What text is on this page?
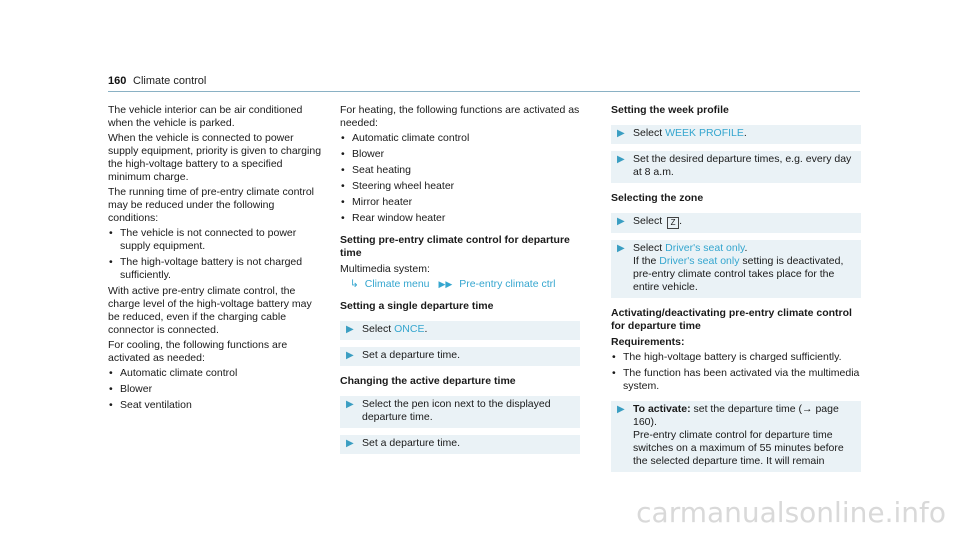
160 Climate control

The vehicle interior can be air conditioned when the vehicle is parked.

When the vehicle is connected to power supply equipment, priority is given to charging the high-voltage battery to a specified minimum charge.

The running time of pre-entry climate control may be reduced under the following conditions:

• The vehicle is not connected to power supply equipment.
• The high-voltage battery is not charged sufficiently.

With active pre-entry climate control, the charge level of the high-voltage battery may be reduced, even if the charging cable connector is connected.

For cooling, the following functions are activated as needed:

• Automatic climate control
• Blower
• Seat ventilation

For heating, the following functions are activated as needed:

• Automatic climate control
• Blower
• Seat heating
• Steering wheel heater
• Mirror heater
• Rear window heater
Setting pre-entry climate control for departure time

Multimedia system:

↳ Climate menu ▶▶ Pre-entry climate ctrl
Setting a single departure time
▶ Select ONCE.
▶ Set a departure time.
Changing the active departure time
▶ Select the pen icon next to the displayed departure time.
▶ Set a departure time.
Setting the week profile
▶ Select WEEK PROFILE.
▶ Set the desired departure times, e.g. every day at 8 a.m.
Selecting the zone
▶ Select Z .
▶ Select Driver's seat only.
If the Driver's seat only setting is deactivated, pre-entry climate control takes place for the entire vehicle.
Activating/deactivating pre-entry climate control for departure time

Requirements:

• The high-voltage battery is charged sufficiently.
• The function has been activated via the multimedia system.
▶ To activate: set the departure time (→ page 160).
Pre-entry climate control for departure time switches on a maximum of 55 minutes before the selected departure time. It will remain
carmanualsonline.info
